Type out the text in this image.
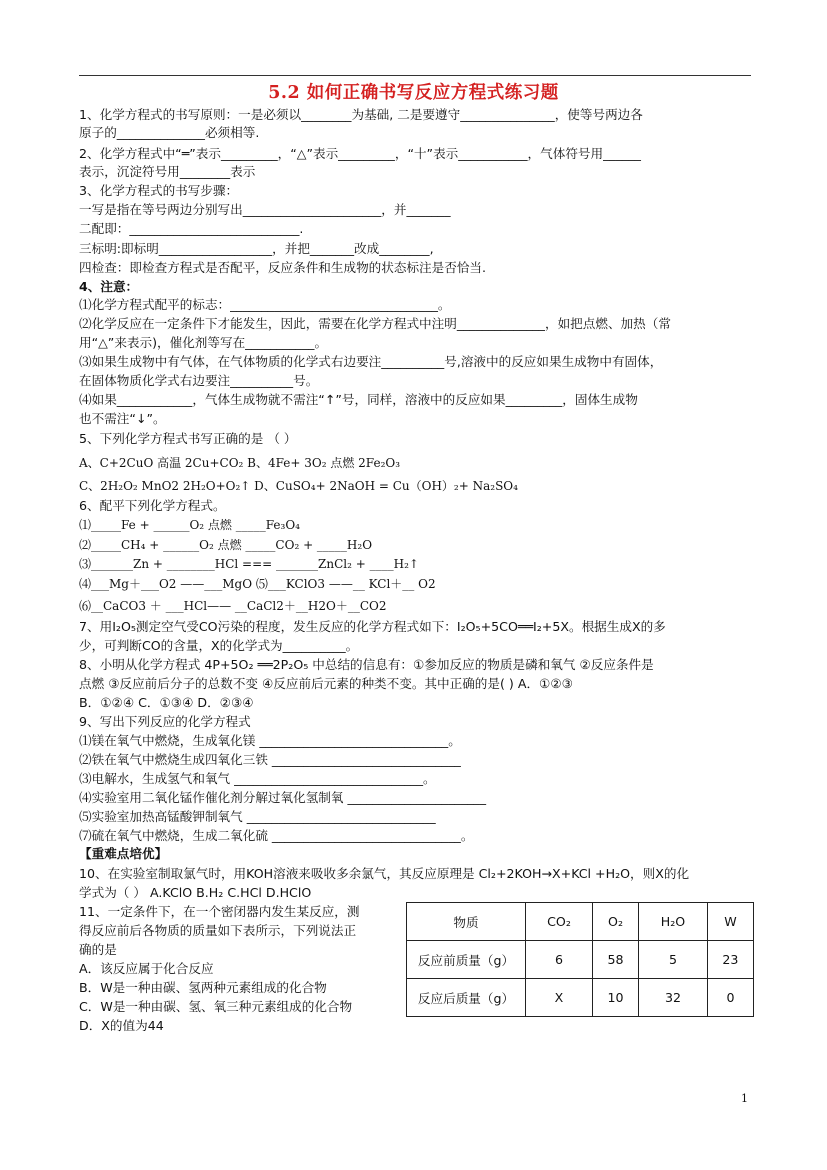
5.2 如何正确书写反应方程式练习题
1、化学方程式的书写原则：一是必须以________为基础, 二是要遵守_______________，使等号两边各
原子的______________必须相等.
2、化学方程式中“═”表示_________，“△”表示_________，“十”表示___________，气体符号用______
表示，沉淀符号用________表示
3、化学方程式的书写步骤：
一写是指在等号两边分别写出______________________，并_______
二配即：___________________________.
三标明:即标明__________________，并把_______改成________,
四检查：即检查方程式是否配平，反应条件和生成物的状态标注是否恰当.
4、注意：
⑴化学方程式配平的标志：_________________________________。
⑵化学反应在一定条件下才能发生，因此，需要在化学方程式中注明______________，如把点燃、加热（常
用“△”来表示)，催化剂等写在___________。
⑶如果生成物中有气体，在气体物质的化学式右边要注__________号,溶液中的反应如果生成物中有固体，
在固体物质化学式右边要注__________号。
⑷如果____________，气体生成物就不需注“↑”号，同样，溶液中的反应如果_________，固体生成物
也不需注“↓”。
5、下列化学方程式书写正确的是 （ ）
A、C+2CuO 高温 2Cu+CO₂ B、4Fe+ 3O₂ 点燃 2Fe₂O₃
C、2H₂O₂ MnO2 2H₂O+O₂↑ D、CuSO₄+ 2NaOH = Cu（OH）₂+ Na₂SO₄
6、配平下列化学方程式。
⑴_____Fe + ______O₂ 点燃 _____Fe₃O₄
⑵_____CH₄ + ______O₂ 点燃 _____CO₂ + _____H₂O
⑶_______Zn + ________HCl === _______ZnCl₂ + ____H₂↑
⑷___Mg＋___O2 ——___MgO ⑸___KClO3 ——__ KCl＋__ O2
⑹__CaCO3 ＋ ___HCl—— __CaCl2＋__H2O＋__CO2
7、用I₂O₅测定空气受CO污染的程度，发生反应的化学方程式如下：I₂O₅+5CO══I₂+5X。根据生成X的多
少，可判断CO的含量，X的化学式为__________。
8、小明从化学方程式 4P+5O₂ ══2P₂O₅ 中总结的信息有：①参加反应的物质是磷和氧气 ②反应条件是
点燃 ③反应前后分子的总数不变 ④反应前后元素的种类不变。其中正确的是( ) A．①②③
B．①②④ C．①③④ D．②③④
9、写出下列反应的化学方程式
⑴镁在氧气中燃烧，生成氧化镁 ______________________________。
⑵铁在氧气中燃烧生成四氧化三铁 ______________________________
⑶电解水，生成氢气和氧气 ______________________________。
⑷实验室用二氧化锰作催化剂分解过氧化氢制氧 ______________________
⑸实验室加热高锰酸钾制氧气 ______________________________
⑺硫在氧气中燃烧，生成二氧化硫 ______________________________。
【重难点培优】
10、在实验室制取氯气时，用KOH溶液来吸收多余氯气，其反应原理是 Cl₂+2KOH→X+KCl +H₂O，则X的化
学式为（ ） A.KClO B.H₂ C.HCl D.HClO
11、一定条件下，在一个密闭器内发生某反应，测
得反应前后各物质的质量如下表所示，下列说法正
确的是
A．该反应属于化合反应
B．W是一种由碳、氢两种元素组成的化合物
C．W是一种由碳、氢、氧三种元素组成的化合物
D．X的值为44
物质	CO₂	O₂	H₂O	W
反应前质量（g）	6	58	5	23
反应后质量（g）	X	10	32	0
1
